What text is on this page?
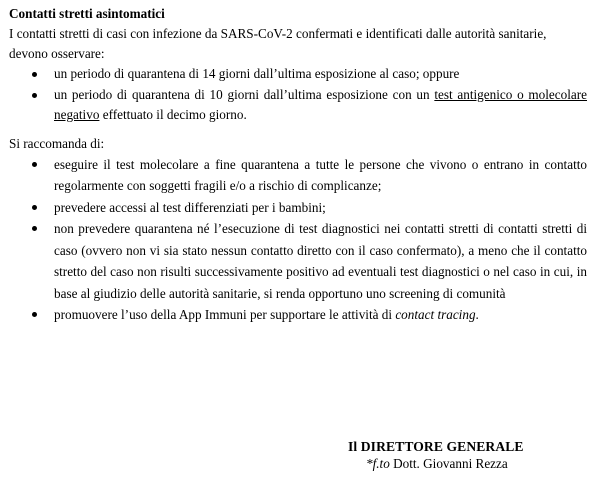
Contatti stretti asintomatici

I contatti stretti di casi con infezione da SARS-CoV-2 confermati e identificati dalle autorità sanitarie, devono osservare:

un periodo di quarantena di 14 giorni dall’ultima esposizione al caso; oppure
un periodo di quarantena di 10 giorni dall’ultima esposizione con un test antigenico o molecolare negativo effettuato il decimo giorno.

Si raccomanda di:

eseguire il test molecolare a fine quarantena a tutte le persone che vivono o entrano in contatto regolarmente con soggetti fragili e/o a rischio di complicanze;
prevedere accessi al test differenziati per i bambini;
non prevedere quarantena né l’esecuzione di test diagnostici nei contatti stretti di contatti stretti di caso (ovvero non vi sia stato nessun contatto diretto con il caso confermato), a meno che il contatto stretto del caso non risulti successivamente positivo ad eventuali test diagnostici o nel caso in cui, in base al giudizio delle autorità sanitarie, si renda opportuno uno screening di comunità
promuovere l’uso della App Immuni per supportare le attività di contact tracing.
Il DIRETTORE GENERALE
*f.to Dott. Giovanni Rezza
